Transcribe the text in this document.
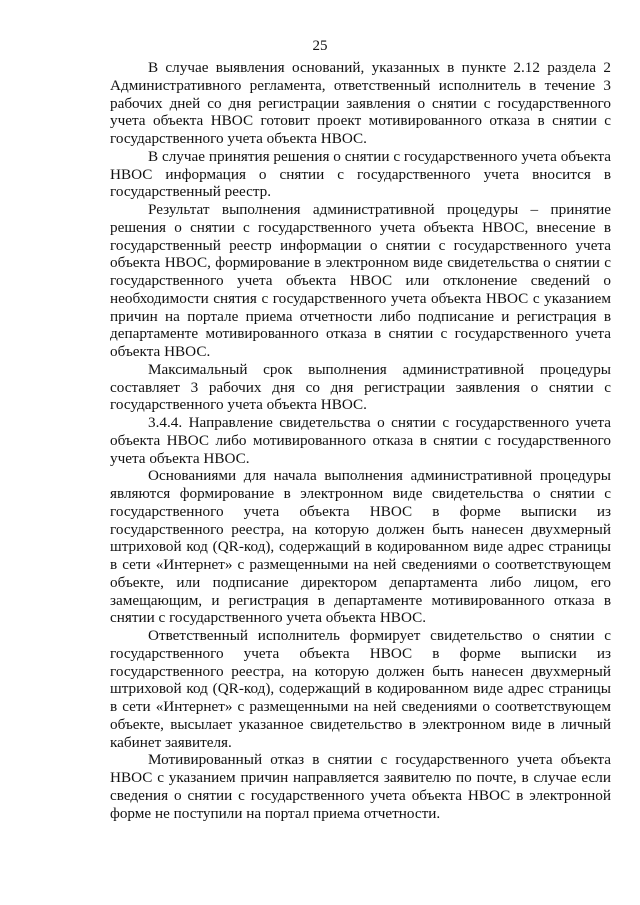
25

В случае выявления оснований, указанных в пункте 2.12 раздела 2 Административного регламента, ответственный исполнитель в течение 3 рабочих дней со дня регистрации заявления о снятии с государственного учета объекта НВОС готовит проект мотивированного отказа в снятии с государственного учета объекта НВОС.

В случае принятия решения о снятии с государственного учета объекта НВОС информация о снятии с государственного учета вносится в государственный реестр.

Результат выполнения административной процедуры – принятие решения о снятии с государственного учета объекта НВОС, внесение в государственный реестр информации о снятии с государственного учета объекта НВОС, формирование в электронном виде свидетельства о снятии с государственного учета объекта НВОС или отклонение сведений о необходимости снятия с государственного учета объекта НВОС с указанием причин на портале приема отчетности либо подписание и регистрация в департаменте мотивированного отказа в снятии с государственного учета объекта НВОС.

Максимальный срок выполнения административной процедуры составляет 3 рабочих дня со дня регистрации заявления о снятии с государственного учета объекта НВОС.

3.4.4. Направление свидетельства о снятии с государственного учета объекта НВОС либо мотивированного отказа в снятии с государственного учета объекта НВОС.

Основаниями для начала выполнения административной процедуры являются формирование в электронном виде свидетельства о снятии с государственного учета объекта НВОС в форме выписки из государственного реестра, на которую должен быть нанесен двухмерный штриховой код (QR-код), содержащий в кодированном виде адрес страницы в сети «Интернет» с размещенными на ней сведениями о соответствующем объекте, или подписание директором департамента либо лицом, его замещающим, и регистрация в департаменте мотивированного отказа в снятии с государственного учета объекта НВОС.

Ответственный исполнитель формирует свидетельство о снятии с государственного учета объекта НВОС в форме выписки из государственного реестра, на которую должен быть нанесен двухмерный штриховой код (QR-код), содержащий в кодированном виде адрес страницы в сети «Интернет» с размещенными на ней сведениями о соответствующем объекте, высылает указанное свидетельство в электронном виде в личный кабинет заявителя.

Мотивированный отказ в снятии с государственного учета объекта НВОС с указанием причин направляется заявителю по почте, в случае если сведения о снятии с государственного учета объекта НВОС в электронной форме не поступили на портал приема отчетности.
